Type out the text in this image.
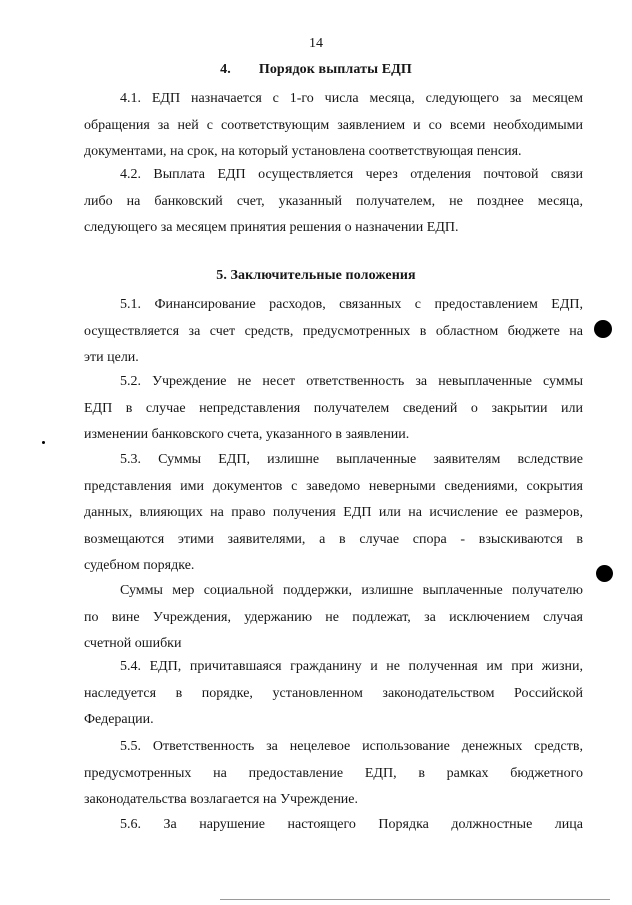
14
4. Порядок выплаты ЕДП
4.1. ЕДП назначается с 1-го числа месяца, следующего за месяцем
обращения за ней с соответствующим заявлением и со всеми необходимыми
документами, на срок, на который установлена соответствующая пенсия.
4.2. Выплата ЕДП осуществляется через отделения почтовой связи
либо на банковский счет, указанный получателем, не позднее месяца,
следующего за месяцем принятия решения о назначении ЕДП.
5. Заключительные положения
5.1. Финансирование расходов, связанных с предоставлением ЕДП,
осуществляется за счет средств, предусмотренных в областном бюджете на
эти цели.
5.2. Учреждение не несет ответственность за невыплаченные суммы
ЕДП в случае непредставления получателем сведений о закрытии или
изменении банковского счета, указанного в заявлении.
5.3. Суммы ЕДП, излишне выплаченные заявителям вследствие
представления ими документов с заведомо неверными сведениями, сокрытия
данных, влияющих на право получения ЕДП или на исчисление ее размеров,
возмещаются этими заявителями, а в случае спора - взыскиваются в
судебном порядке.
Суммы мер социальной поддержки, излишне выплаченные получателю
по вине Учреждения, удержанию не подлежат, за исключением случая
счетной ошибки
5.4. ЕДП, причитавшаяся гражданину и не полученная им при жизни,
наследуется в порядке, установленном законодательством Российской
Федерации.
5.5. Ответственность за нецелевое использование денежных средств,
предусмотренных на предоставление ЕДП, в рамках бюджетного
законодательства возлагается на Учреждение.
5.6. За нарушение настоящего Порядка должностные лица
